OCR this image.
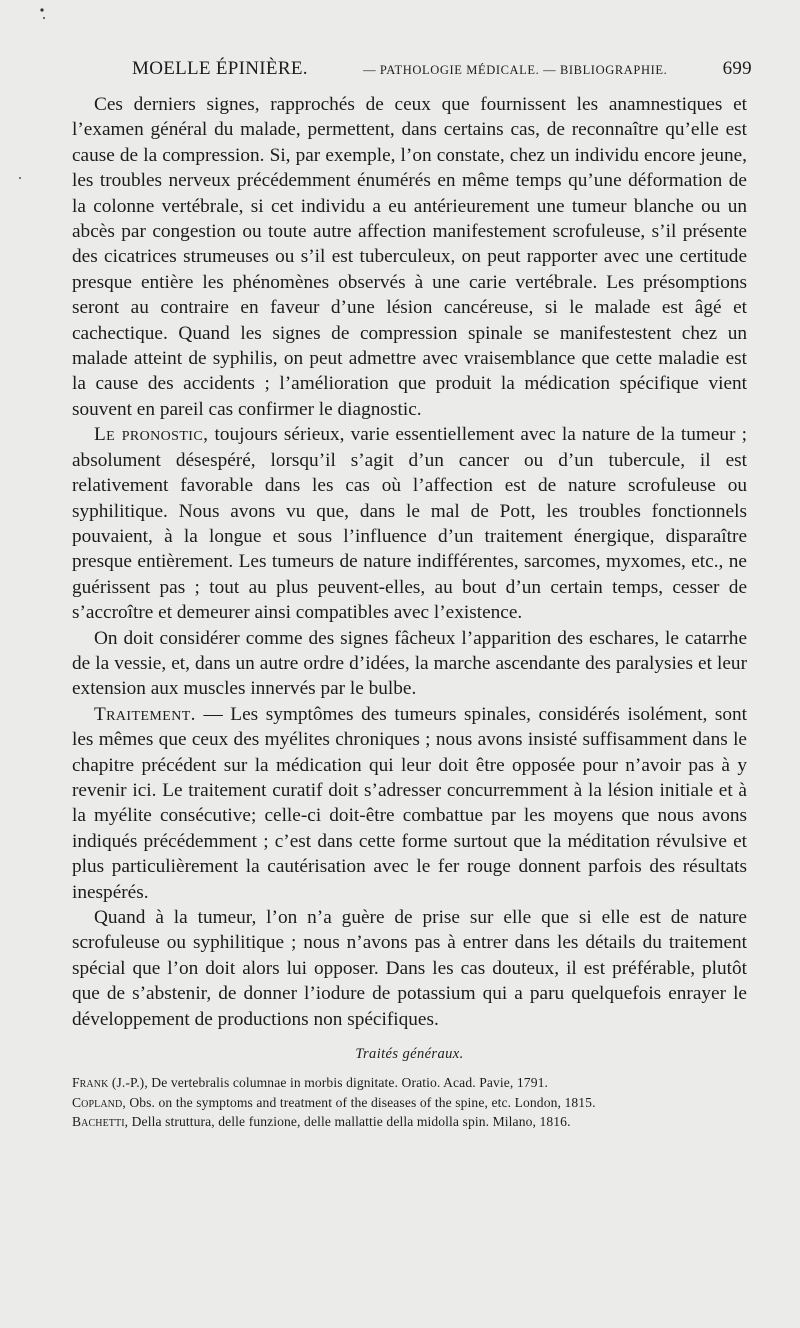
MOELLE ÉPINIÈRE.	— PATHOLOGIE MÉDICALE. — BIBLIOGRAPHIE.	699

Ces derniers signes, rapprochés de ceux que fournissent les anamnestiques et l’examen général du malade, permettent, dans certains cas, de reconnaître qu’elle est cause de la compression. Si, par exemple, l’on constate, chez un individu encore jeune, les troubles nerveux précédemment énumérés en même temps qu’une déformation de la colonne vertébrale, si cet individu a eu antérieurement une tumeur blanche ou un abcès par congestion ou toute autre affection manifestement scrofuleuse, s’il présente des cicatrices strumeuses ou s’il est tuberculeux, on peut rapporter avec une certitude presque entière les phénomènes observés à une carie vertébrale. Les présomptions seront au contraire en faveur d’une lésion cancéreuse, si le malade est âgé et cachectique. Quand les signes de compression spinale se manifestestent chez un malade atteint de syphilis, on peut admettre avec vraisemblance que cette maladie est la cause des accidents ; l’amélioration que produit la médication spécifique vient souvent en pareil cas confirmer le diagnostic.

Le pronostic, toujours sérieux, varie essentiellement avec la nature de la tumeur ; absolument désespéré, lorsqu’il s’agit d’un cancer ou d’un tubercule, il est relativement favorable dans les cas où l’affection est de nature scrofuleuse ou syphilitique. Nous avons vu que, dans le mal de Pott, les troubles fonctionnels pouvaient, à la longue et sous l’influence d’un traitement énergique, disparaître presque entièrement. Les tumeurs de nature indifférentes, sarcomes, myxomes, etc., ne guérissent pas ; tout au plus peuvent-elles, au bout d’un certain temps, cesser de s’accroître et demeurer ainsi compatibles avec l’existence.

On doit considérer comme des signes fâcheux l’apparition des eschares, le catarrhe de la vessie, et, dans un autre ordre d’idées, la marche ascendante des paralysies et leur extension aux muscles innervés par le bulbe.

Traitement. — Les symptômes des tumeurs spinales, considérés isolément, sont les mêmes que ceux des myélites chroniques ; nous avons insisté suffisamment dans le chapitre précédent sur la médication qui leur doit être opposée pour n’avoir pas à y revenir ici. Le traitement curatif doit s’adresser concurremment à la lésion initiale et à la myélite consécutive; celle-ci doit-être combattue par les moyens que nous avons indiqués précédemment ; c’est dans cette forme surtout que la méditation révulsive et plus particulièrement la cautérisation avec le fer rouge donnent parfois des résultats inespérés.

Quand à la tumeur, l’on n’a guère de prise sur elle que si elle est de nature scrofuleuse ou syphilitique ; nous n’avons pas à entrer dans les détails du traitement spécial que l’on doit alors lui opposer. Dans les cas douteux, il est préférable, plutôt que de s’abstenir, de donner l’iodure de potassium qui a paru quelquefois enrayer le développement de productions non spécifiques.

Traités généraux.

Frank (J.-P.), De vertebralis columnae in morbis dignitate. Oratio. Acad. Pavie, 1791.

Copland, Obs. on the symptoms and treatment of the diseases of the spine, etc. London, 1815.

Bachetti, Della struttura, delle funzione, delle mallattie della midolla spin. Milano, 1816.
